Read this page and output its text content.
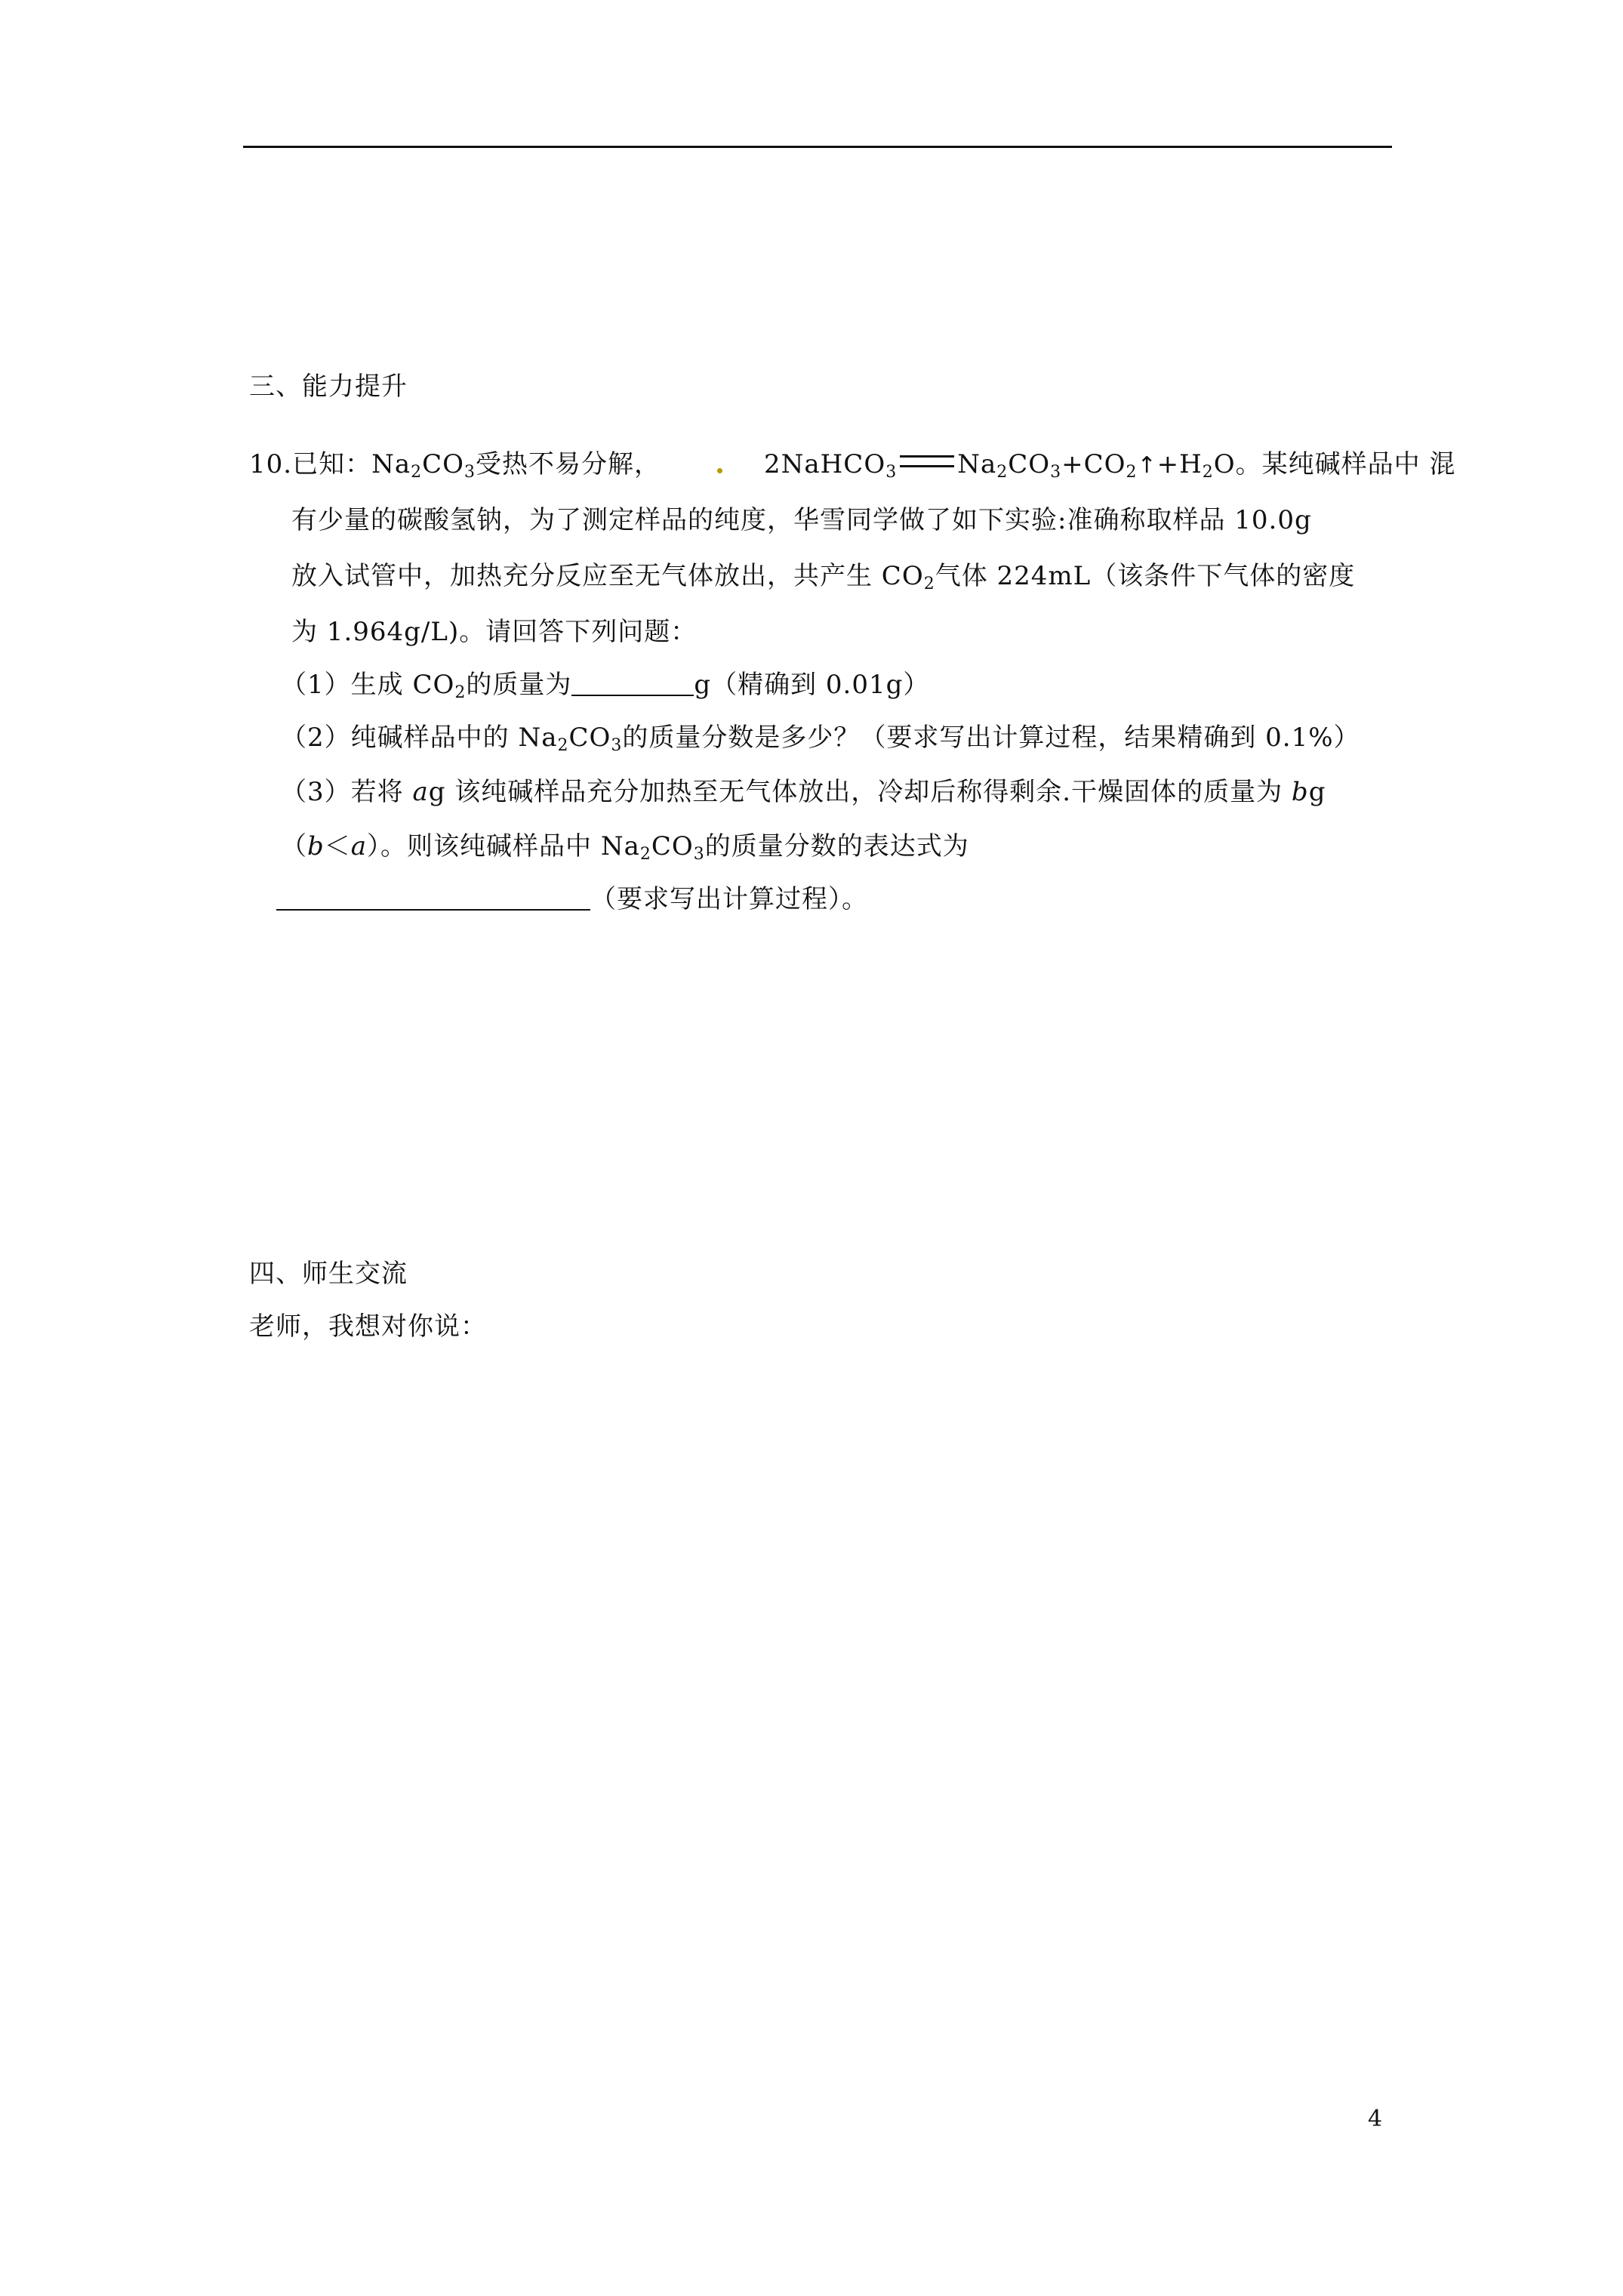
三、能力提升
10.已知：$Na_2CO_3$受热不易分解，	2NaHCO$_3$ $Na_2CO_3+CO_2↑+H_2O$。某纯碱样品中 混
有少量的碳酸氢钠，为了测定样品的纯度，华雪同学做了如下实验:准确称取样品 10.0g
放入试管中，加热充分反应至无气体放出，共产生 $CO_2$气体 224mL（该条件下气体的密度
为 1.964g/L)。请回答下列问题：
（1）生成 $CO_2$的质量为	g（精确到 0.01g）
（2）纯碱样品中的 $Na_2CO_3$的质量分数是多少？（要求写出计算过程，结果精确到 0.1%）
（3）若将 ag 该纯碱样品充分加热至无气体放出，冷却后称得剩余.干燥固体的质量为 bg
（b＜a）。则该纯碱样品中 $Na_2CO_3$的质量分数的表达式为
（要求写出计算过程）。
四、师生交流
老师，我想对你说：
4
